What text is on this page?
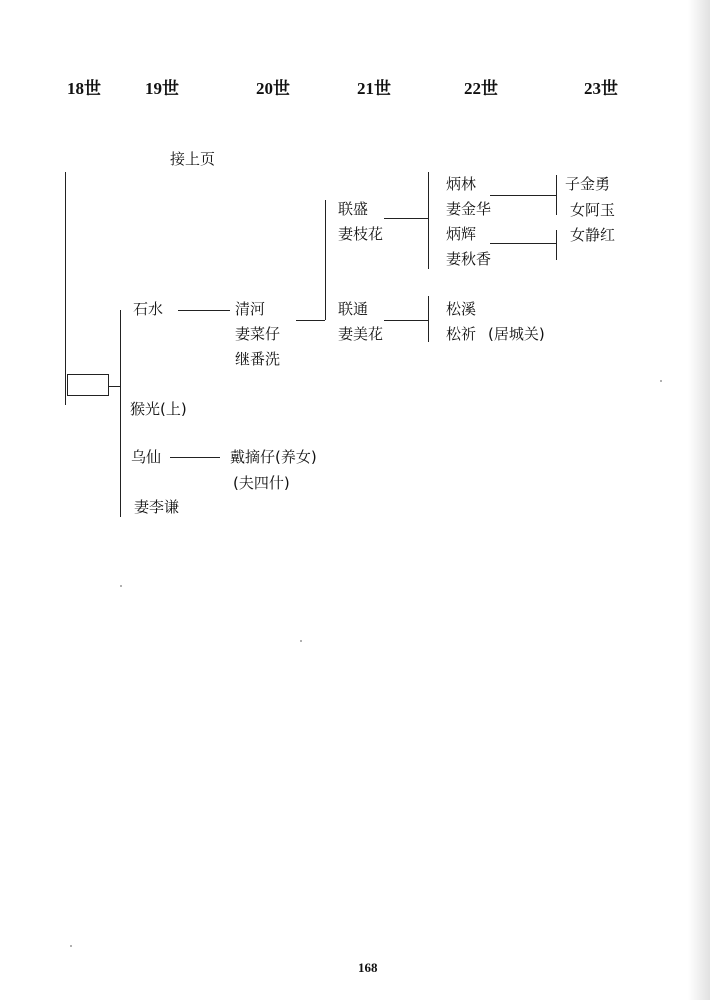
18世	19世	20世	21世	22世	23世
接上页
石水
猴光(上)
乌仙
妻李谦
清河
妻菜仔
继番洗
戴摘仔(养女)
(夫四什)
联盛
妻枝花
联通
妻美花
炳林
妻金华
炳辉
妻秋香
松溪
松祈 (居城关)
子金勇
女阿玉
女静红
168
